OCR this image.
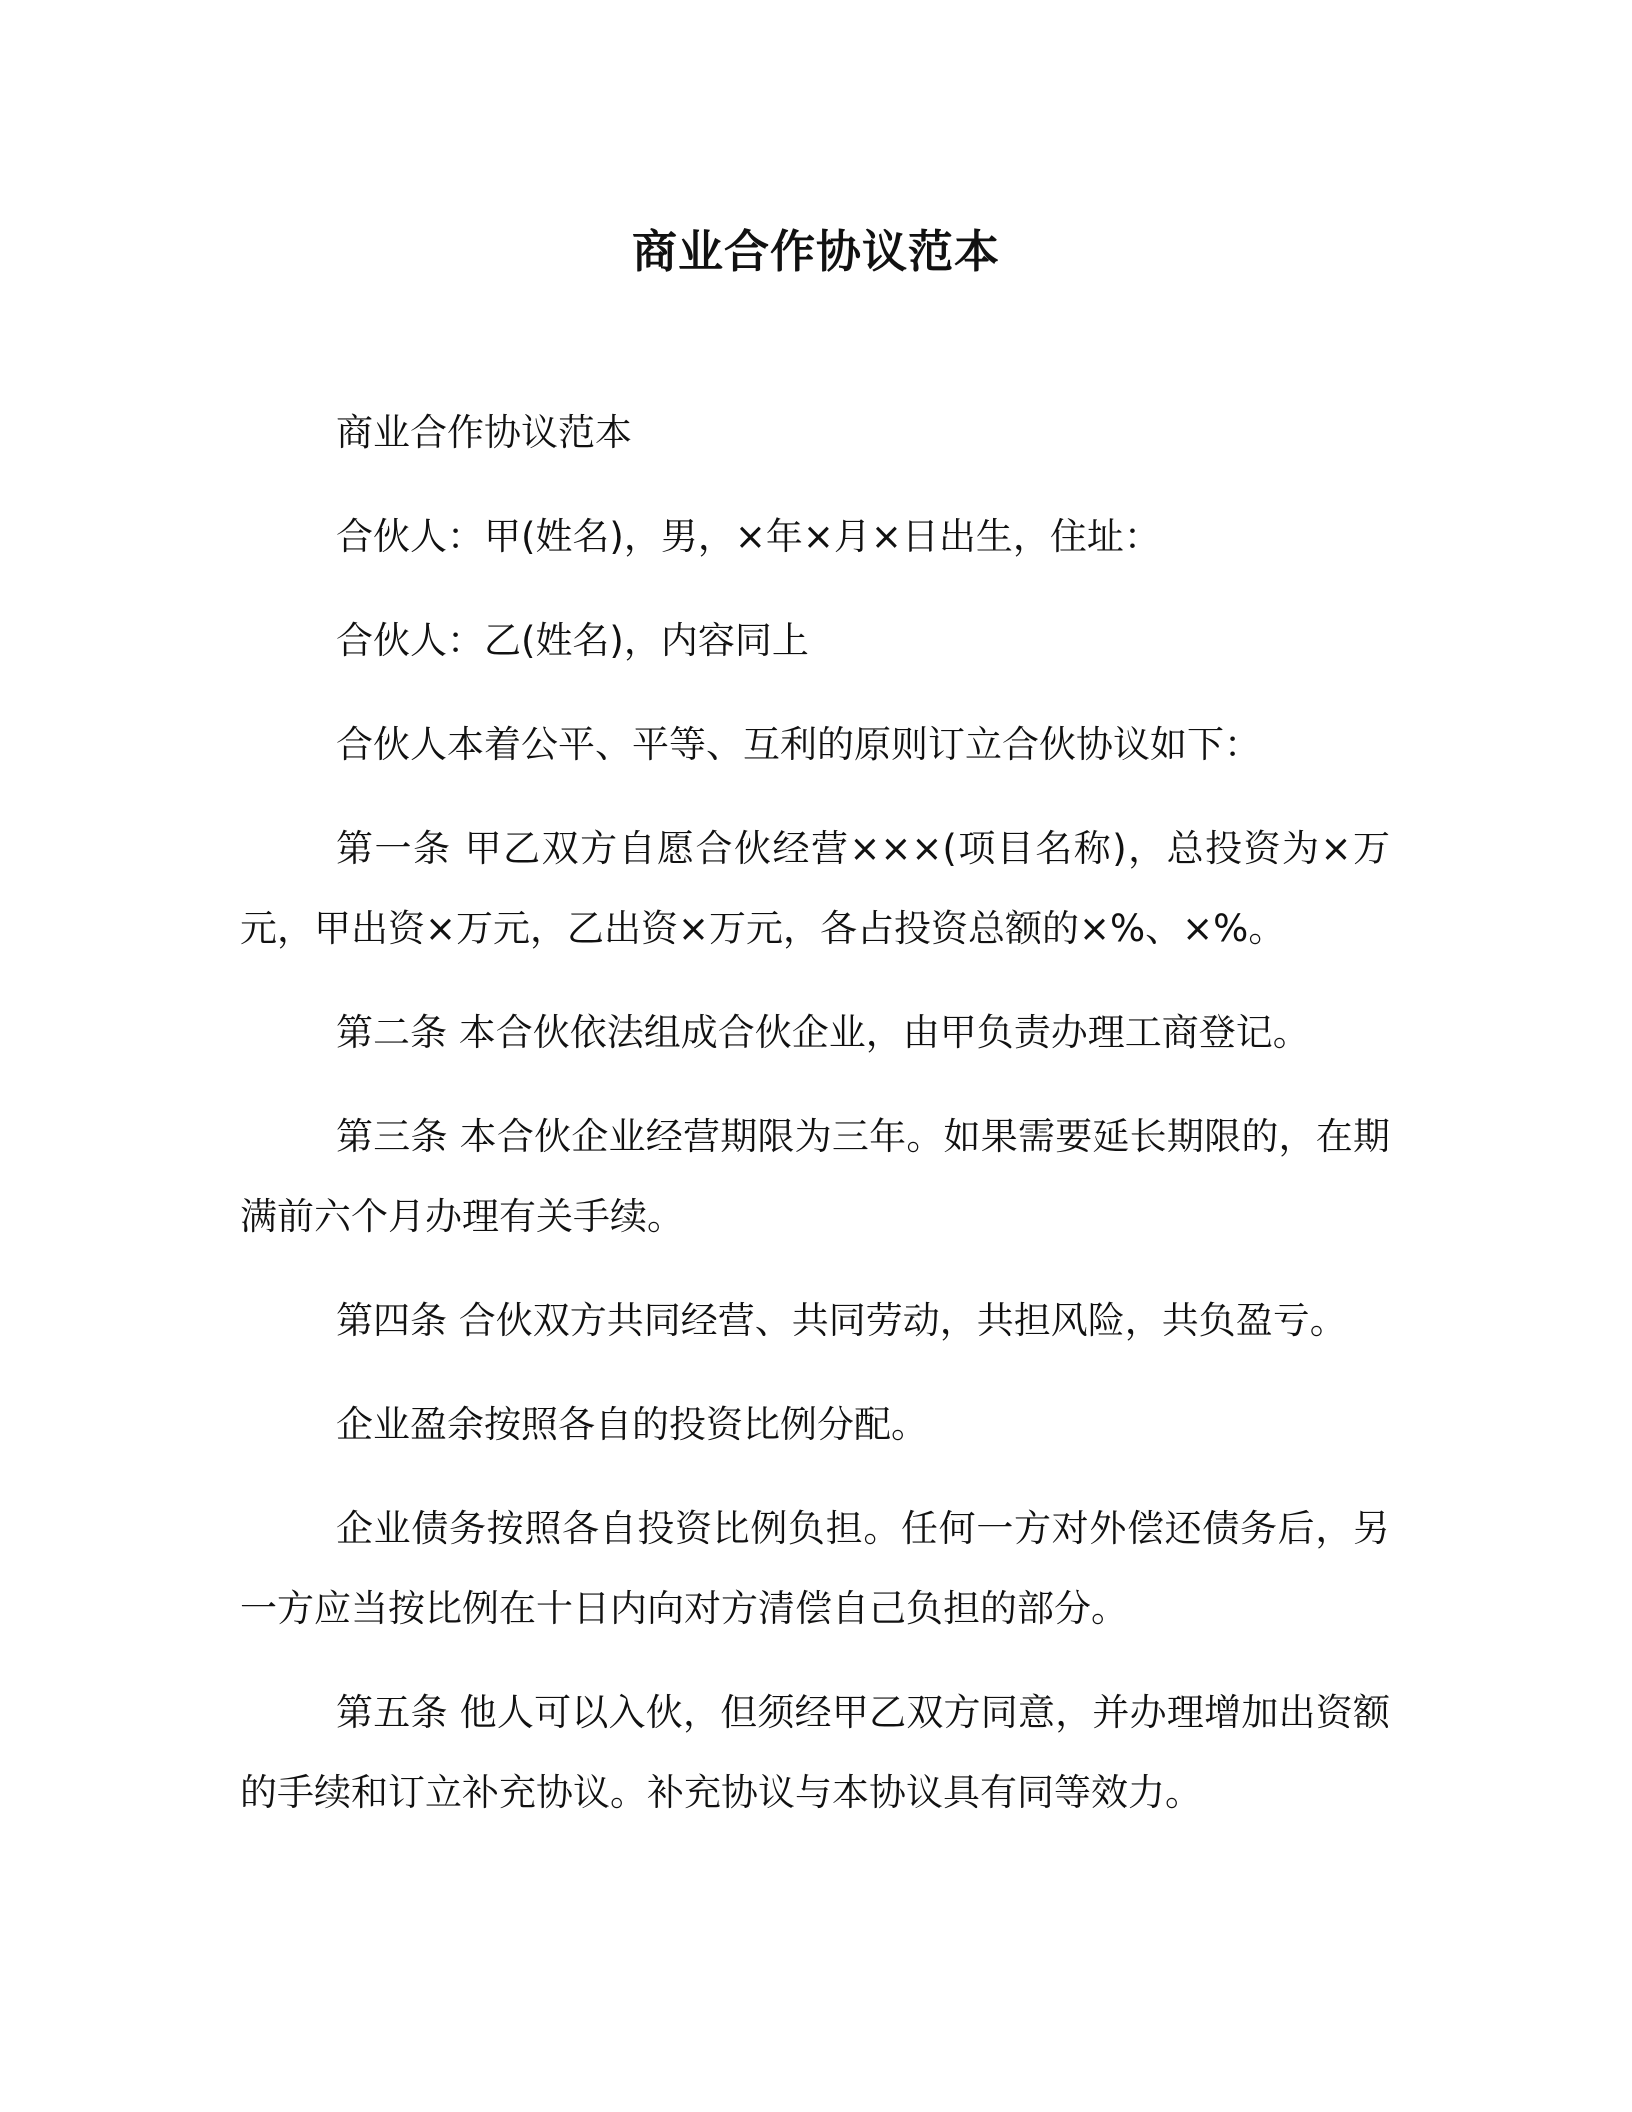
商业合作协议范本

商业合作协议范本

合伙人：甲(姓名)，男，×年×月×日出生，住址：

合伙人：乙(姓名)，内容同上

合伙人本着公平、平等、互利的原则订立合伙协议如下：

第一条 甲乙双方自愿合伙经营×××(项目名称)，总投资为×万元，甲出资×万元，乙出资×万元，各占投资总额的×%、×%。

第二条 本合伙依法组成合伙企业，由甲负责办理工商登记。

第三条 本合伙企业经营期限为三年。如果需要延长期限的，在期满前六个月办理有关手续。

第四条 合伙双方共同经营、共同劳动，共担风险，共负盈亏。

企业盈余按照各自的投资比例分配。

企业债务按照各自投资比例负担。任何一方对外偿还债务后，另一方应当按比例在十日内向对方清偿自己负担的部分。

第五条 他人可以入伙，但须经甲乙双方同意，并办理增加出资额的手续和订立补充协议。补充协议与本协议具有同等效力。
